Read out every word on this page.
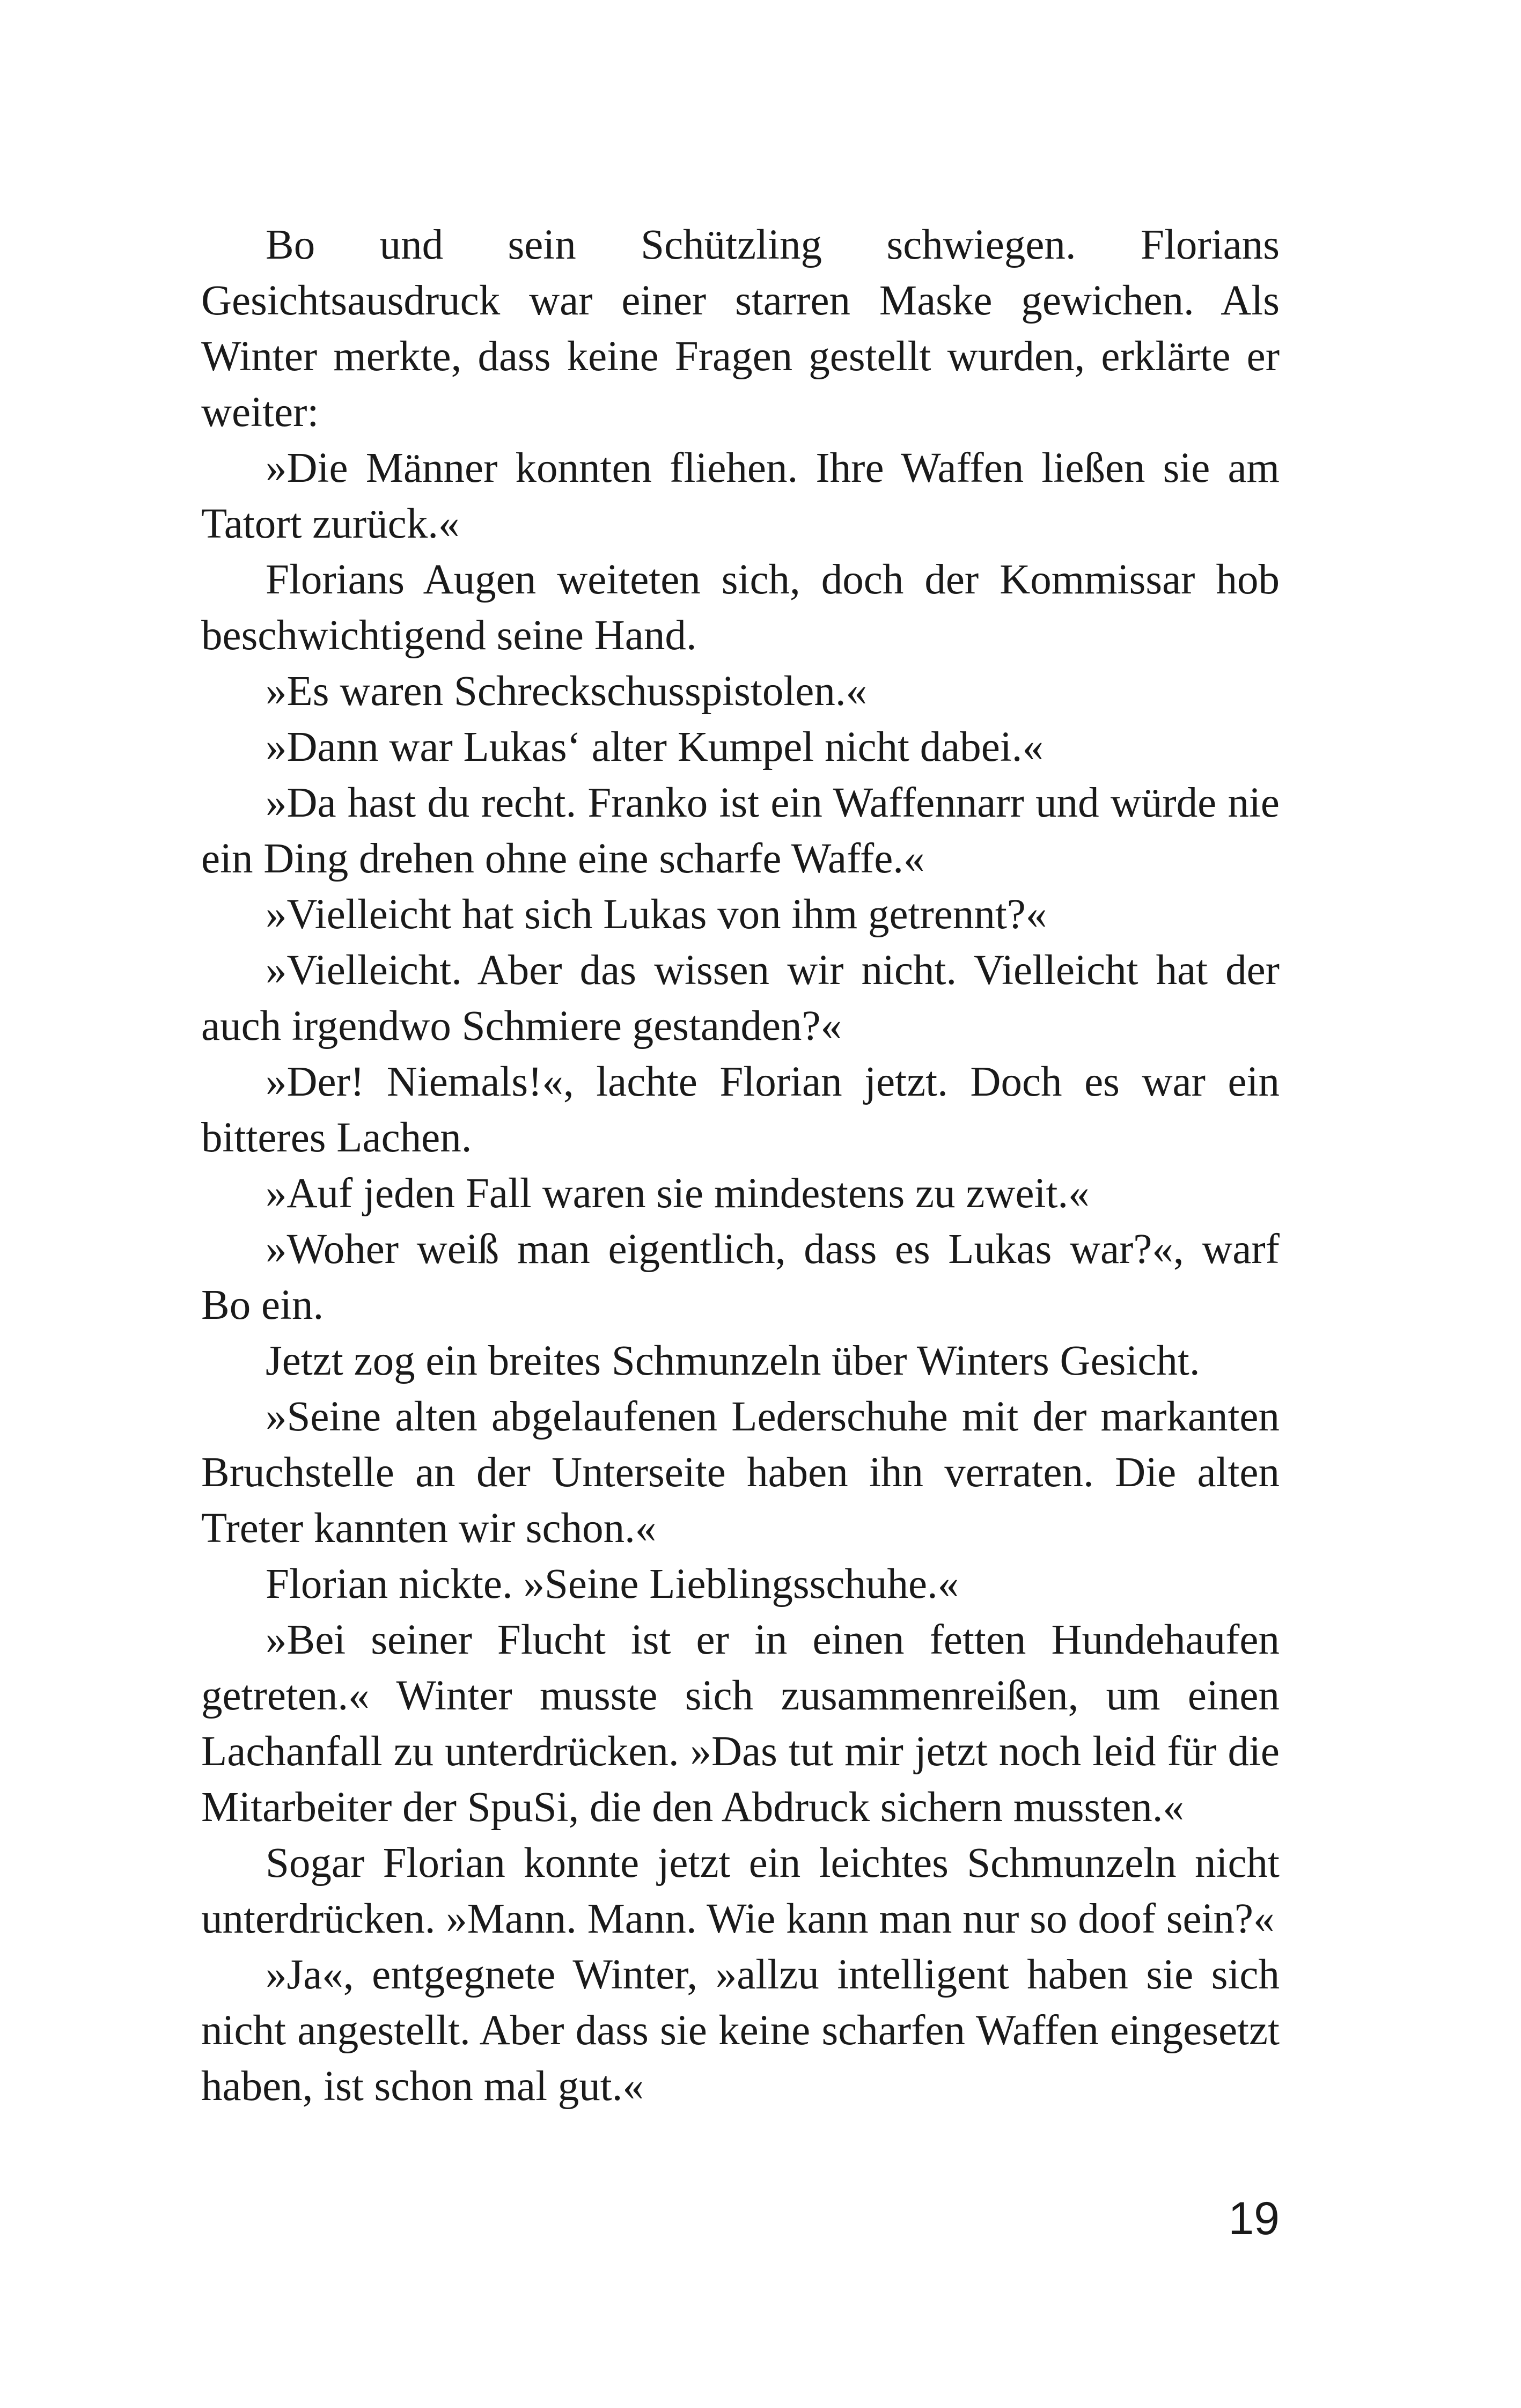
Bo und sein Schützling schwiegen. Florians Gesichtsausdruck war einer starren Maske gewichen. Als Winter merkte, dass keine Fragen gestellt wurden, erklärte er weiter:

»Die Männer konnten fliehen. Ihre Waffen ließen sie am Tatort zurück.«

Florians Augen weiteten sich, doch der Kommissar hob beschwichtigend seine Hand.

»Es waren Schreckschusspistolen.«

»Dann war Lukas‘ alter Kumpel nicht dabei.«

»Da hast du recht. Franko ist ein Waffennarr und würde nie ein Ding drehen ohne eine scharfe Waffe.«

»Vielleicht hat sich Lukas von ihm getrennt?«

»Vielleicht. Aber das wissen wir nicht. Vielleicht hat der auch irgendwo Schmiere gestanden?«

»Der! Niemals!«, lachte Florian jetzt. Doch es war ein bitteres Lachen.

»Auf jeden Fall waren sie mindestens zu zweit.«

»Woher weiß man eigentlich, dass es Lukas war?«, warf Bo ein.

Jetzt zog ein breites Schmunzeln über Winters Gesicht.

»Seine alten abgelaufenen Lederschuhe mit der markanten Bruchstelle an der Unterseite haben ihn verraten. Die alten Treter kannten wir schon.«

Florian nickte. »Seine Lieblingsschuhe.«

»Bei seiner Flucht ist er in einen fetten Hundehaufen getreten.« Winter musste sich zusammenreißen, um einen Lachanfall zu unterdrücken. »Das tut mir jetzt noch leid für die Mitarbeiter der SpuSi, die den Abdruck sichern mussten.«

Sogar Florian konnte jetzt ein leichtes Schmunzeln nicht unterdrücken. »Mann. Mann. Wie kann man nur so doof sein?«

»Ja«, entgegnete Winter, »allzu intelligent haben sie sich nicht angestellt. Aber dass sie keine scharfen Waffen eingesetzt haben, ist schon mal gut.«

19
